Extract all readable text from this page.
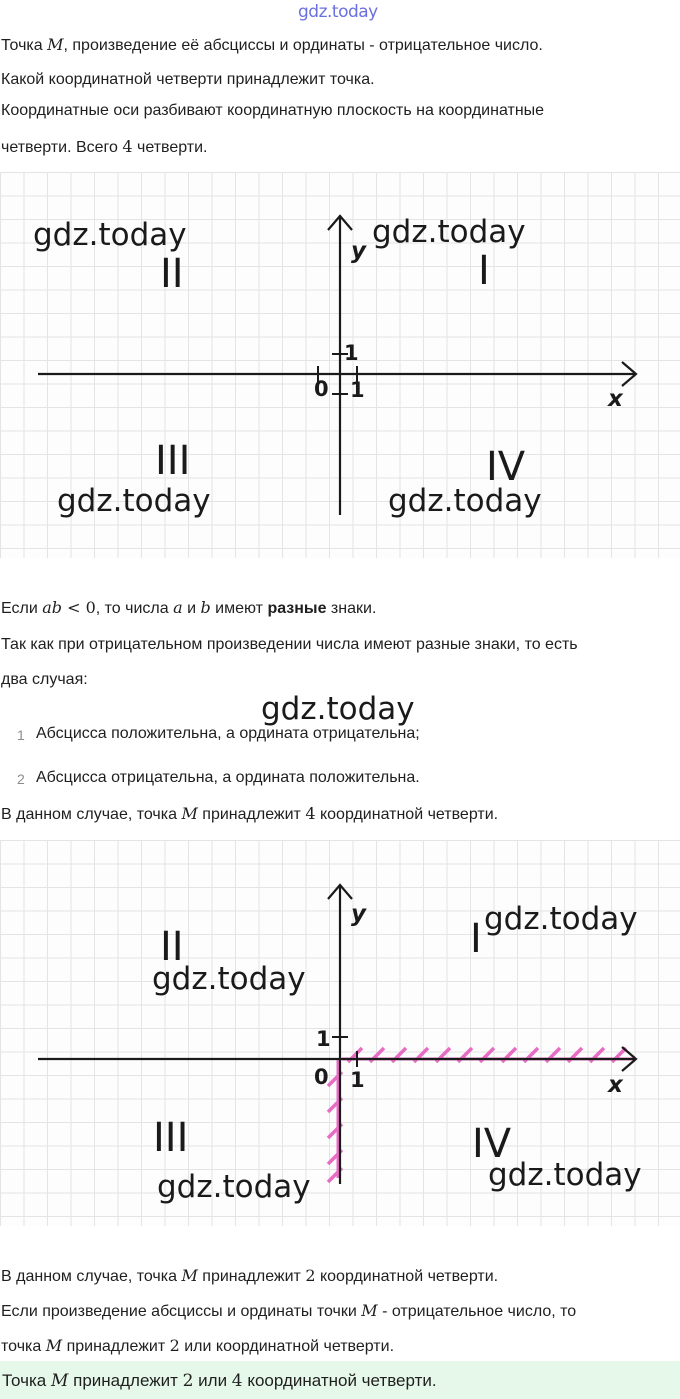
gdz.today
Точка M, произведение её абсциссы и ординаты - отрицательное число.
Какой координатной четверти принадлежит точка.
Координатные оси разбивают координатную плоскость на координатные
четверти. Всего 4 четверти.
1
1
0
y
x
I
II
III	IV
gdz.today	gdz.today
gdz.today	gdz.today
Если ab < 0, то числа a и b имеют разные знаки.
Так как при отрицательном произведении числа имеют разные знаки, то есть
два случая:
gdz.today
1 Абсцисса положительна, а ордината отрицательна;
2 Абсцисса отрицательна, а ордината положительна.
В данном случае, точка M принадлежит 4 координатной четверти.
1
1
0
y
x
I
II
III	IV
gdz.today
gdz.today
gdz.today	gdz.today
В данном случае, точка M принадлежит 2 координатной четверти.
Если произведение абсциссы и ординаты точки M - отрицательное число, то
точка M принадлежит 2 или координатной четверти.
Точка M принадлежит 2 или 4 координатной четверти.
